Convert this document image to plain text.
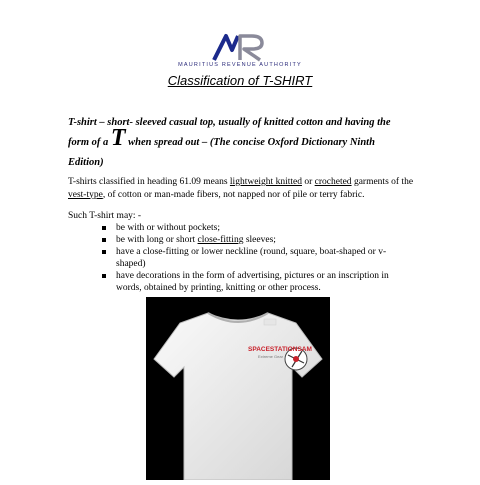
MAURITIUS REVENUE AUTHORITY
Classification of T-SHIRT
T-shirt – short- sleeved casual top, usually of knitted cotton and having the
form of a T when spread out – (The concise Oxford Dictionary Ninth
Edition)
T-shirts classified in heading 61.09 means lightweight knitted or crocheted garments of the vest-type, of cotton or man-made fibers, not napped nor of pile or terry fabric.
Such T-shirt may: -
be with or without pockets;
be with long or short close-fitting sleeves;
have a close-fitting or lower neckline (round, square, boat-shaped or v-shaped)
have decorations in the form of advertising, pictures or an inscription in words, obtained by printing, knitting or other process.
SPACESTATIONSAM
Extreme Gear
